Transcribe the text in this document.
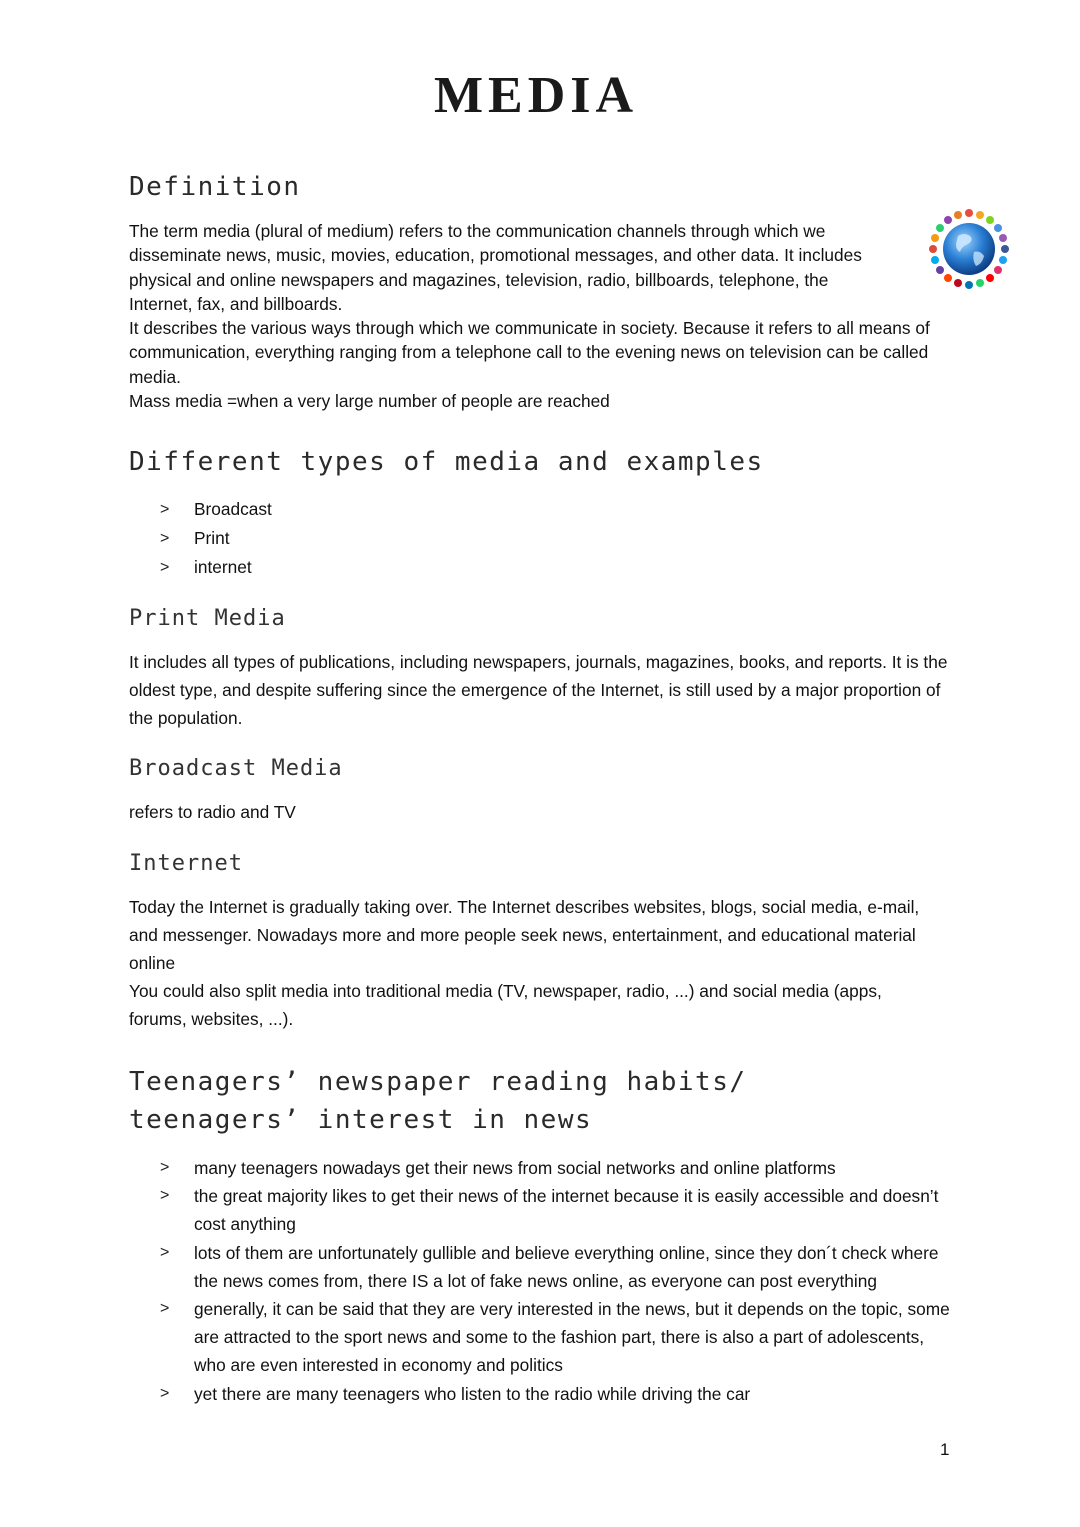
MEDIA
Definition

The term media (plural of medium) refers to the communication channels through which we disseminate news, music, movies, education, promotional messages, and other data. It includes physical and online newspapers and magazines, television, radio, billboards, telephone, the Internet, fax, and billboards.

It describes the various ways through which we communicate in society. Because it refers to all means of communication, everything ranging from a telephone call to the evening news on television can be called media.

Mass media =when a very large number of people are reached

Different types of media and examples
> Broadcast
> Print
> internet
Print Media
It includes all types of publications, including newspapers, journals, magazines, books, and reports. It is the oldest type, and despite suffering since the emergence of the Internet, is still used by a major proportion of the population.
Broadcast Media
refers to radio and TV
Internet

Today the Internet is gradually taking over. The Internet describes websites, blogs, social media, e-mail, and messenger. Nowadays more and more people seek news, entertainment, and educational material online

You could also split media into traditional media (TV, newspaper, radio, ...) and social media (apps, forums, websites, ...).

Teenagers’ newspaper reading habits/ teenagers’ interest in news
> many teenagers nowadays get their news from social networks and online platforms
> the great majority likes to get their news of the internet because it is easily accessible and doesn’t cost anything
> lots of them are unfortunately gullible and believe everything online, since they don´t check where the news comes from, there IS a lot of fake news online, as everyone can post everything
> generally, it can be said that they are very interested in the news, but it depends on the topic, some are attracted to the sport news and some to the fashion part, there is also a part of adolescents, who are even interested in economy and politics
> yet there are many teenagers who listen to the radio while driving the car
1
